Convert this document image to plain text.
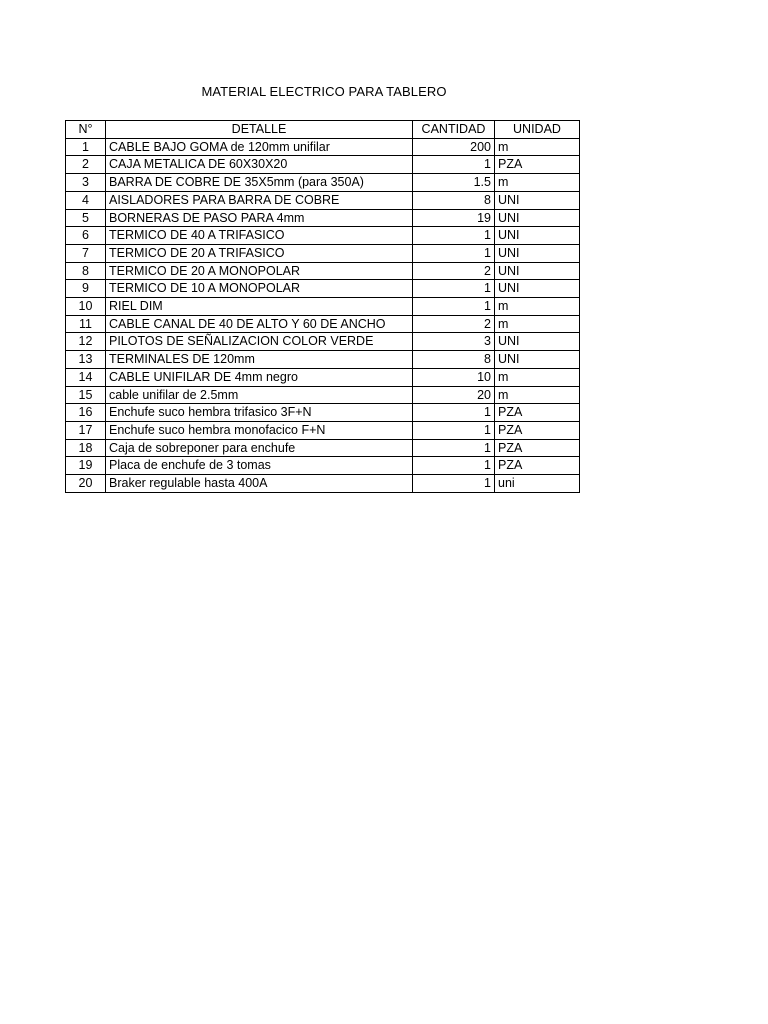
MATERIAL ELECTRICO PARA TABLERO
N°	DETALLE	CANTIDAD	UNIDAD
1	CABLE BAJO GOMA de 120mm unifilar	200	m
2	CAJA METALICA DE 60X30X20	1	PZA
3	BARRA DE COBRE DE 35X5mm (para 350A)	1.5	m
4	AISLADORES PARA BARRA DE COBRE	8	UNI
5	BORNERAS DE PASO PARA 4mm	19	UNI
6	TERMICO DE 40 A TRIFASICO	1	UNI
7	TERMICO DE 20 A TRIFASICO	1	UNI
8	TERMICO DE 20 A MONOPOLAR	2	UNI
9	TERMICO DE 10 A MONOPOLAR	1	UNI
10	RIEL DIM	1	m
11	CABLE CANAL DE 40 DE ALTO Y 60 DE ANCHO	2	m
12	PILOTOS DE SEÑALIZACION COLOR VERDE	3	UNI
13	TERMINALES DE 120mm	8	UNI
14	CABLE UNIFILAR DE 4mm negro	10	m
15	cable unifilar de 2.5mm	20	m
16	Enchufe suco hembra trifasico 3F+N	1	PZA
17	Enchufe suco hembra monofacico F+N	1	PZA
18	Caja de sobreponer para enchufe	1	PZA
19	Placa de enchufe de 3 tomas	1	PZA
20	Braker regulable hasta 400A	1	uni
